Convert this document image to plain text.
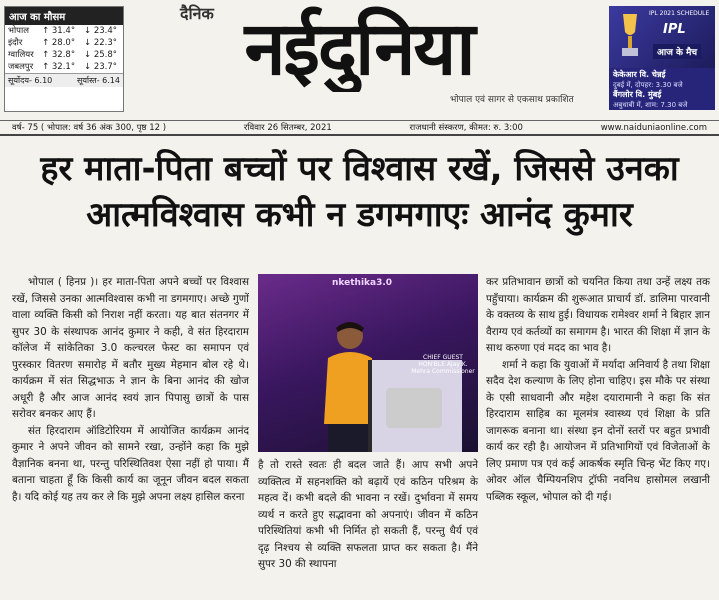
आज का मौसम
भोपाल	↑ 31.4°	↓ 23.4°
इंदौर	↑ 28.0°	↓ 22.3°
ग्वालियर	↑ 32.8°	↓ 25.8°
जबलपुर	↑ 32.1°	↓ 23.7°
सूर्योदय- 6.10	सूर्यास्त- 6.14	नईदुनिया
दैनिक
भोपाल एवं सागर से एकसाथ प्रकाशित
IPL 2021 SCHEDULE
IPL
आज के मैच
केकेआर वि. चेन्नई
दुबई में, दोपहर: 3.30 बजे
बैंगलोर वि. मुंबई
अबुधाबी में, शाम: 7.30 बजे
वर्ष- 75 ( भोपाल: वर्ष 36 अंक 300, पृष्ठ 12 )	रविवार 26 सितम्बर, 2021	राजधानी संस्करण, कीमत: रु. 3:00	www.naiduniaonline.com
हर माता-पिता बच्चों पर विश्वास रखें, जिससे उनका
आत्मविश्वास कभी न डगमगाएः आनंद कुमार

भोपाल ( हिनप्र )। हर माता-पिता अपने बच्चों पर विश्वास रखें, जिससे उनका आत्मविश्वास कभी ना डगमगाए। अच्छे गुणों वाला व्यक्ति किसी को निराश नहीं करता। यह बात संतनगर में सुपर 30 के संस्थापक आनंद कुमार ने कही, वे संत हिरदाराम कॉलेज में सांकेतिका 3.0 कल्चरल फेस्ट का समापन एवं पुरस्कार वितरण समारोह में बतौर मुख्य मेहमान बोल रहे थे। कार्यक्रम में संत सिद्धभाऊ ने ज्ञान के बिना आनंद की खोज अधूरी है और आज आनंद स्वयं ज्ञान पिपासु छात्रों के पास सरोवर बनकर आए हैं।

संत हिरदाराम ऑडिटोरियम में आयोजित कार्यक्रम आनंद कुमार ने अपने जीवन को सामने रखा, उन्होंने कहा कि मुझे वैज्ञानिक बनना था, परन्तु परिस्थितिवश ऐसा नहीं हो पाया। मैं बताना चाहता हूँ कि किसी कार्य का जूनून जीवन बदल सकता है। यदि कोई यह तय कर ले कि मुझे अपना लक्ष्य हासिल करना

nkethika3.0
CHIEF GUEST HON'BLE Ajay K. Mehra Commissioner

है तो रास्ते स्वतः ही बदल जाते हैं। आप सभी अपने व्यक्तित्व में सहनशक्ति को बढ़ायें एवं कठिन परिश्रम के महत्व दें। कभी बदले की भावना न रखें। दुर्भावना में समय व्यर्थ न करते हुए सद्भावना को अपनाएं। जीवन में कठिन परिस्थितियां कभी भी निर्मित हो सकती हैं, परन्तु धैर्य एवं दृढ़ निश्चय से व्यक्ति सफलता प्राप्त कर सकता है। मैंने सुपर 30 की स्थापना

कर प्रतिभावान छात्रों को चयनित किया तथा उन्हें लक्ष्य तक पहुँचाया। कार्यक्रम की शुरूआत प्राचार्य डॉ. डालिमा पारवानी के वक्तव्य के साथ हुई। विधायक रामेश्वर शर्मा ने बिहार ज्ञान वैराग्य एवं कर्तव्यों का समागम है। भारत की शिक्षा में ज्ञान के साथ करुणा एवं मदद का भाव है।

शर्मा ने कहा कि युवाओं में मर्यादा अनिवार्य है तथा शिक्षा सदैव देश कल्याण के लिए होना चाहिए। इस मौके पर संस्था के एसी साधवानी और महेश दयारामानी ने कहा कि संत हिरदाराम साहिब का मूलमंत्र स्वास्थ्य एवं शिक्षा के प्रति जागरूक बनाना था। संस्था इन दोनों स्तरों पर बहुत प्रभावी कार्य कर रही है। आयोजन में प्रतिभागियों एवं विजेताओं के लिए प्रमाण पत्र एवं कई आकर्षक स्मृति चिन्ह भेंट किए गए। ओवर ऑल चैम्पियनशिप ट्रॉफी नवनिध हासोमल लखानी पब्लिक स्कूल, भोपाल को दी गई।
